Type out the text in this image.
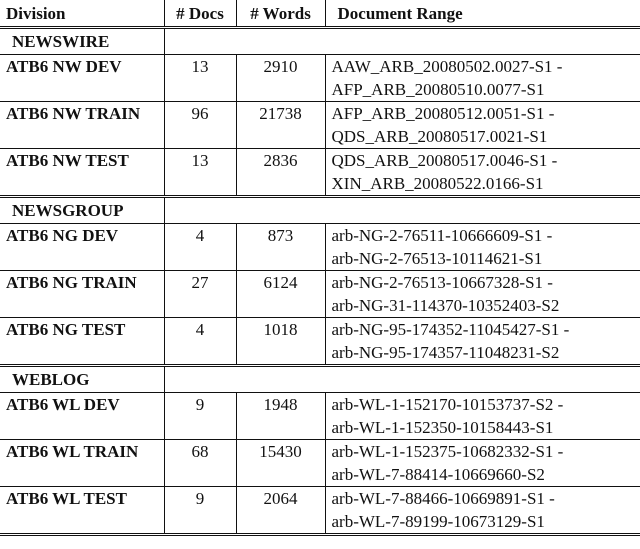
Division	# Docs	# Words	Document Range
NEWSWIRE			
ATB6 NW DEV	13	2910	AAW_ARB_20080502.0027-S1 -
AFP_ARB_20080510.0077-S1

ATB6 NW TRAIN	96	21738	AFP_ARB_20080512.0051-S1 -
QDS_ARB_20080517.0021-S1

ATB6 NW TEST	13	2836	QDS_ARB_20080517.0046-S1 -
XIN_ARB_20080522.0166-S1

NEWSGROUP			
ATB6 NG DEV	4	873	arb-NG-2-76511-10666609-S1 -
arb-NG-2-76513-10114621-S1

ATB6 NG TRAIN	27	6124	arb-NG-2-76513-10667328-S1 -
arb-NG-31-114370-10352403-S2

ATB6 NG TEST	4	1018	arb-NG-95-174352-11045427-S1 -
arb-NG-95-174357-11048231-S2

WEBLOG			
ATB6 WL DEV	9	1948	arb-WL-1-152170-10153737-S2 -
arb-WL-1-152350-10158443-S1

ATB6 WL TRAIN	68	15430	arb-WL-1-152375-10682332-S1 -
arb-WL-7-88414-10669660-S2

ATB6 WL TEST	9	2064	arb-WL-7-88466-10669891-S1 -
arb-WL-7-89199-10673129-S1
